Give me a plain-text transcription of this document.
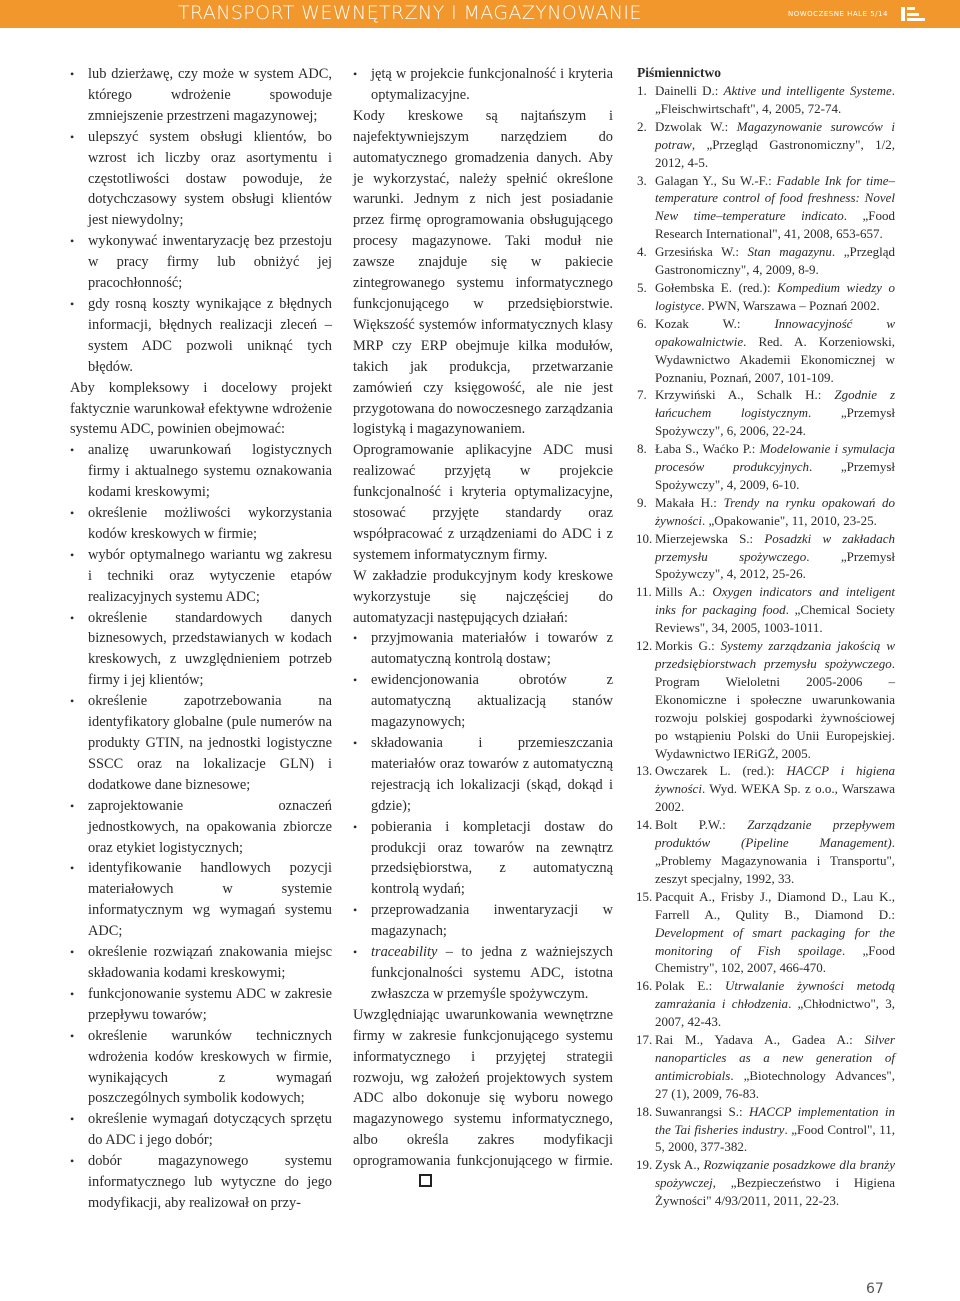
TRANSPORT WEWNĘTRZNY I MAGAZYNOWANIE	NOWOCZESNE HALE 5/14
• lub dzierżawę, czy może w system ADC, którego wdrożenie spowoduje zmniejszenie przestrzeni magazynowej;
• ulepszyć system obsługi klientów, bo wzrost ich liczby oraz asortymentu i częstotliwości dostaw powoduje, że dotychczasowy system obsługi klientów jest niewydolny;
• wykonywać inwentaryzację bez przestoju w pracy firmy lub obniżyć jej pracochłonność;
• gdy rosną koszty wynikające z błędnych informacji, błędnych realizacji zleceń – system ADC pozwoli uniknąć tych błędów.

Aby kompleksowy i docelowy projekt faktycznie warunkował efektywne wdrożenie systemu ADC, powinien obejmować:

• analizę uwarunkowań logistycznych firmy i aktualnego systemu oznakowania kodami kreskowymi;
• określenie możliwości wykorzystania kodów kreskowych w firmie;
• wybór optymalnego wariantu wg zakresu i techniki oraz wytyczenie etapów realizacyjnych systemu ADC;
• określenie standardowych danych biznesowych, przedstawianych w kodach kreskowych, z uwzględnieniem potrzeb firmy i jej klientów;
• określenie zapotrzebowania na identyfikatory globalne (pule numerów na produkty GTIN, na jednostki logistyczne SSCC oraz na lokalizacje GLN) i dodatkowe dane biznesowe;
• zaprojektowanie oznaczeń jednostkowych, na opakowania zbiorcze oraz etykiet logistycznych;
• identyfikowanie handlowych pozycji materiałowych w systemie informatycznym wg wymagań systemu ADC;
• określenie rozwiązań znakowania miejsc składowania kodami kreskowymi;
• funkcjonowanie systemu ADC w zakresie przepływu towarów;
• określenie warunków technicznych wdrożenia kodów kreskowych w firmie, wynikających z wymagań poszczególnych symbolik kodowych;
• określenie wymagań dotyczących sprzętu do ADC i jego dobór;
• dobór magazynowego systemu informatycznego lub wytyczne do jego modyfikacji, aby realizował on przy-
• jętą w projekcie funkcjonalność i kryteria optymalizacyjne.

Kody kreskowe są najtańszym i najefektywniejszym narzędziem do automatycznego gromadzenia danych. Aby je wykorzystać, należy spełnić określone warunki. Jednym z nich jest posiadanie przez firmę oprogramowania obsługującego procesy magazynowe. Taki moduł nie zawsze znajduje się w pakiecie zintegrowanego systemu informatycznego funkcjonującego w przedsiębiorstwie. Większość systemów informatycznych klasy MRP czy ERP obejmuje kilka modułów, takich jak produkcja, przetwarzanie zamówień czy księgowość, ale nie jest przygotowana do nowoczesnego zarządzania logistyką i magazynowaniem.

Oprogramowanie aplikacyjne ADC musi realizować przyjętą w projekcie funkcjonalność i kryteria optymalizacyjne, stosować przyjęte standardy oraz współpracować z urządzeniami do ADC i z systemem informatycznym firmy.

W zakładzie produkcyjnym kody kreskowe wykorzystuje się najczęściej do automatyzacji następujących działań:

• przyjmowania materiałów i towarów z automatyczną kontrolą dostaw;
• ewidencjonowania obrotów z automatyczną aktualizacją stanów magazynowych;
• składowania i przemieszczania materiałów oraz towarów z automatyczną rejestracją ich lokalizacji (skąd, dokąd i gdzie);
• pobierania i kompletacji dostaw do produkcji oraz towarów na zewnątrz przedsiębiorstwa, z automatyczną kontrolą wydań;
• przeprowadzania inwentaryzacji w magazynach;
• traceability – to jedna z ważniejszych funkcjonalności systemu ADC, istotna zwłaszcza w przemyśle spożywczym.

Uwzględniając uwarunkowania wewnętrzne firmy w zakresie funkcjonującego systemu informatycznego i przyjętej strategii rozwoju, wg założeń projektowych system ADC albo dokonuje się wyboru nowego magazynowego systemu informatycznego, albo określa zakres modyfikacji oprogramowania funkcjonującego w firmie.

Piśmiennictwo
1. Dainelli D.: Aktive und intelligente Systeme. „Fleischwirtschaft", 4, 2005, 72-74.
2. Dzwolak W.: Magazynowanie surowców i potraw, „Przegląd Gastronomiczny", 1/2, 2012, 4-5.
3. Galagan Y., Su W.-F.: Fadable Ink for time–temperature control of food freshness: Novel New time–temperature indicato. „Food Research International", 41, 2008, 653-657.
4. Grzesińska W.: Stan magazynu. „Przegląd Gastronomiczny", 4, 2009, 8-9.
5. Gołembska E. (red.): Kompedium wiedzy o logistyce. PWN, Warszawa – Poznań 2002.
6. Kozak W.: Innowacyjność w opakowalnictwie. Red. A. Korzeniowski, Wydawnictwo Akademii Ekonomicznej w Poznaniu, Poznań, 2007, 101-109.
7. Krzywiński A., Schalk H.: Zgodnie z łańcuchem logistycznym. „Przemysł Spożywczy", 6, 2006, 22-24.
8. Łaba S., Waćko P.: Modelowanie i symulacja procesów produkcyjnych. „Przemysł Spożywczy", 4, 2009, 6-10.
9. Makała H.: Trendy na rynku opakowań do żywności. „Opakowanie", 11, 2010, 23-25.
10. Mierzejewska S.: Posadzki w zakładach przemysłu spożywczego. „Przemysł Spożywczy", 4, 2012, 25-26.
11. Mills A.: Oxygen indicators and inteligent inks for packaging food. „Chemical Society Reviews", 34, 2005, 1003-1011.
12. Morkis G.: Systemy zarządzania jakością w przedsiębiorstwach przemysłu spożywczego. Program Wieloletni 2005-2006 – Ekonomiczne i społeczne uwarunkowania rozwoju polskiej gospodarki żywnościowej po wstąpieniu Polski do Unii Europejskiej. Wydawnictwo IERiGŻ, 2005.
13. Owczarek L. (red.): HACCP i higiena żywności. Wyd. WEKA Sp. z o.o., Warszawa 2002.
14. Bolt P.W.: Zarządzanie przepływem produktów (Pipeline Management). „Problemy Magazynowania i Transportu", zeszyt specjalny, 1992, 33.
15. Pacquit A., Frisby J., Diamond D., Lau K., Farrell A., Qulity B., Diamond D.: Development of smart packaging for the monitoring of Fish spoilage. „Food Chemistry", 102, 2007, 466-470.
16. Polak E.: Utrwalanie żywności metodą zamrażania i chłodzenia. „Chłodnictwo", 3, 2007, 42-43.
17. Rai M., Yadava A., Gadea A.: Silver nanoparticles as a new generation of antimicrobials. „Biotechnology Advances", 27 (1), 2009, 76-83.
18. Suwanrangsi S.: HACCP implementation in the Tai fisheries industry. „Food Control", 11, 5, 2000, 377-382.
19. Zysk A., Rozwiązanie posadzkowe dla branży spożywczej, „Bezpieczeństwo i Higiena Żywności" 4/93/2011, 2011, 22-23.
67
